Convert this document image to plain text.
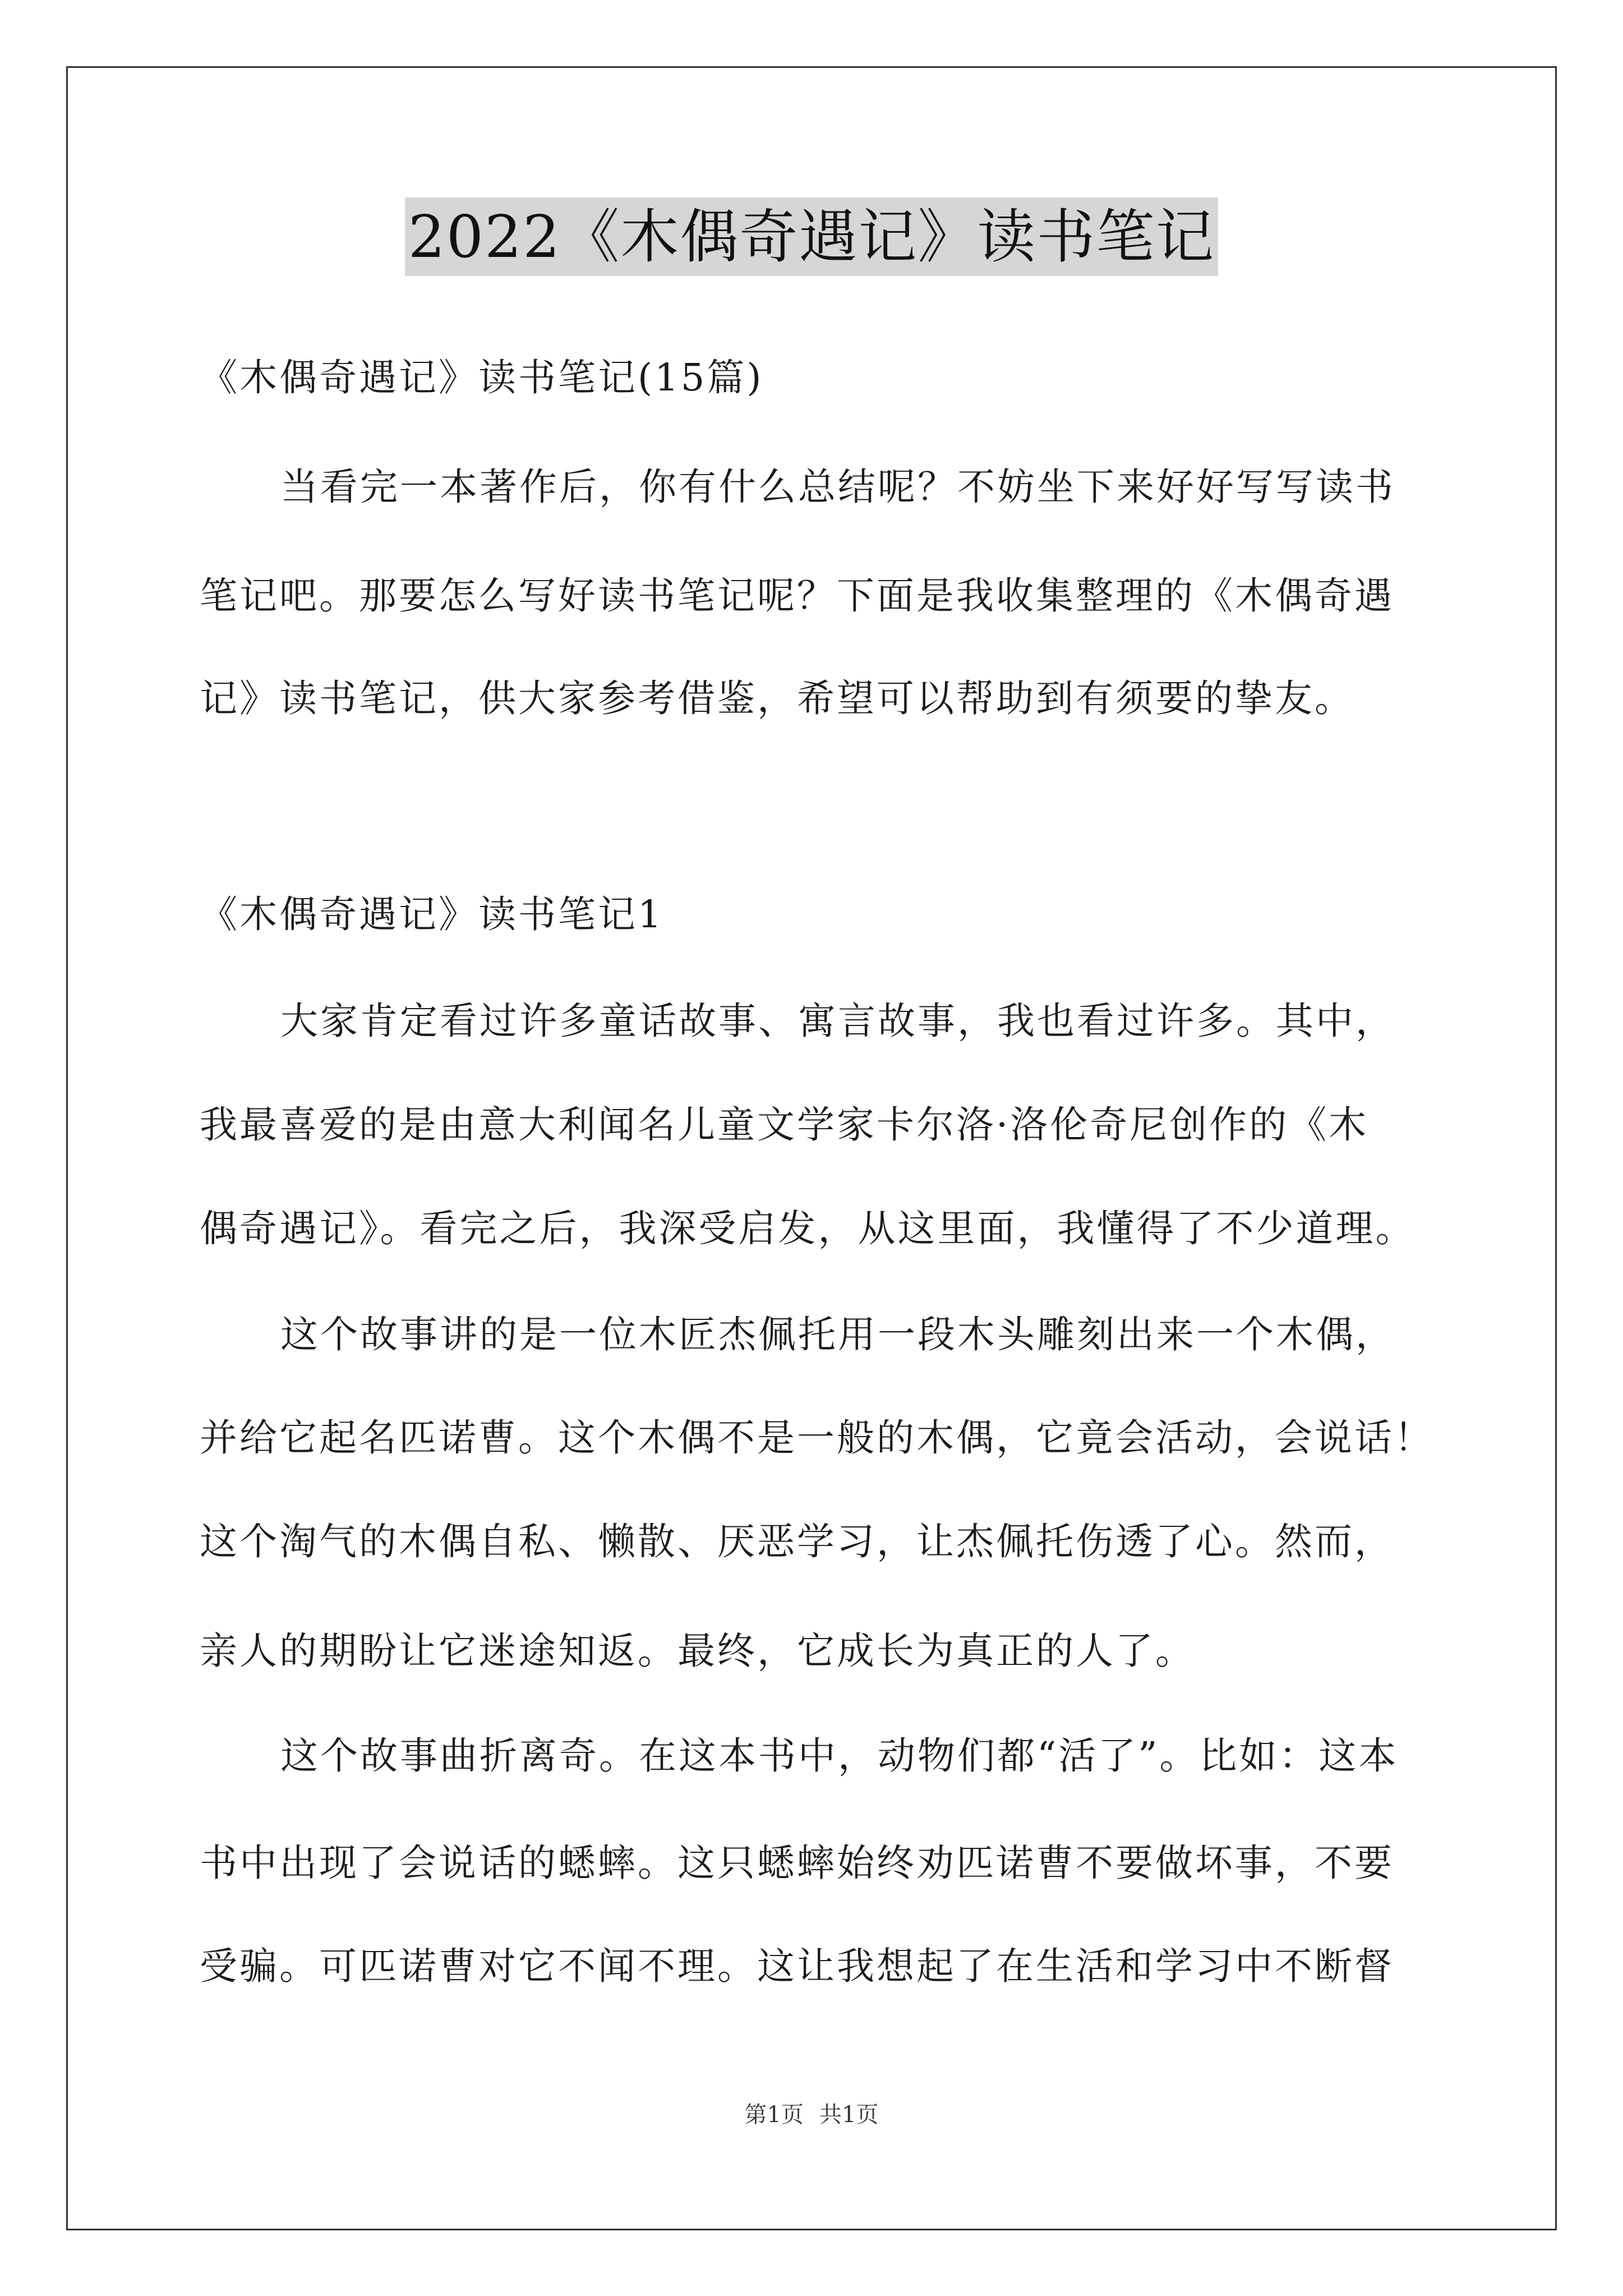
2022《木偶奇遇记》读书笔记
《木偶奇遇记》读书笔记(15篇)
当看完一本著作后，你有什么总结呢？不妨坐下来好好写写读书
笔记吧。那要怎么写好读书笔记呢？下面是我收集整理的《木偶奇遇
记》读书笔记，供大家参考借鉴，希望可以帮助到有须要的挚友。
《木偶奇遇记》读书笔记1
大家肯定看过许多童话故事、寓言故事，我也看过许多。其中，
我最喜爱的是由意大利闻名儿童文学家卡尔洛·洛伦奇尼创作的《木
偶奇遇记》。看完之后，我深受启发，从这里面，我懂得了不少道理。
这个故事讲的是一位木匠杰佩托用一段木头雕刻出来一个木偶，
并给它起名匹诺曹。这个木偶不是一般的木偶，它竟会活动，会说话！
这个淘气的木偶自私、懒散、厌恶学习，让杰佩托伤透了心。然而，
亲人的期盼让它迷途知返。最终，它成长为真正的人了。
这个故事曲折离奇。在这本书中，动物们都“活了”。比如：这本
书中出现了会说话的蟋蟀。这只蟋蟀始终劝匹诺曹不要做坏事，不要
受骗。可匹诺曹对它不闻不理。这让我想起了在生活和学习中不断督
第1页 共1页
